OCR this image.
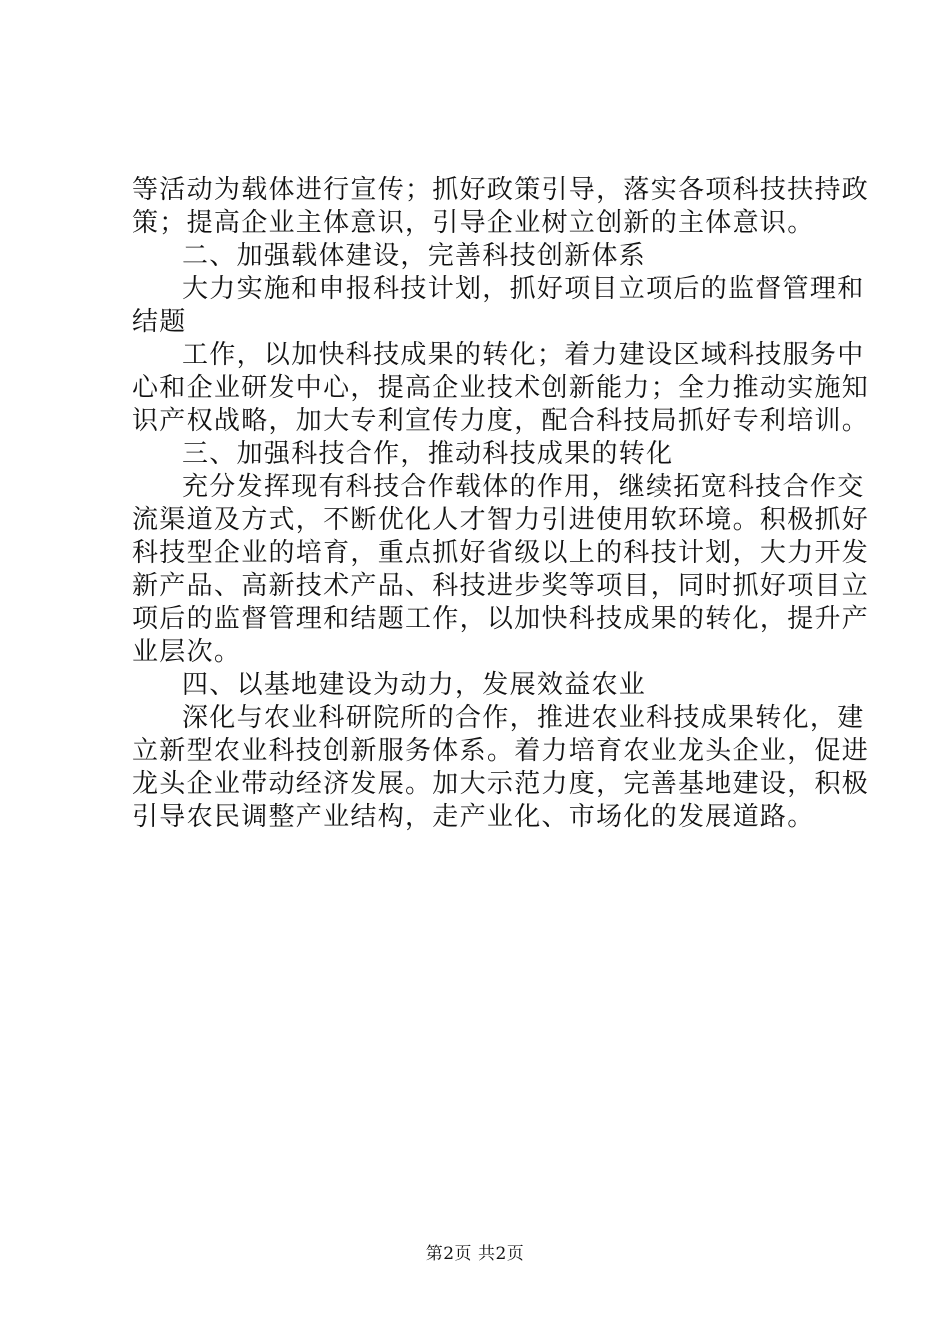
等活动为载体进行宣传；抓好政策引导，落实各项科技扶持政
策；提高企业主体意识，引导企业树立创新的主体意识。
二、加强载体建设，完善科技创新体系
大力实施和申报科技计划，抓好项目立项后的监督管理和
结题
工作，以加快科技成果的转化；着力建设区域科技服务中
心和企业研发中心，提高企业技术创新能力；全力推动实施知
识产权战略，加大专利宣传力度，配合科技局抓好专利培训。
三、加强科技合作，推动科技成果的转化
充分发挥现有科技合作载体的作用，继续拓宽科技合作交
流渠道及方式，不断优化人才智力引进使用软环境。积极抓好
科技型企业的培育，重点抓好省级以上的科技计划，大力开发
新产品、高新技术产品、科技进步奖等项目，同时抓好项目立
项后的监督管理和结题工作，以加快科技成果的转化，提升产
业层次。
四、以基地建设为动力，发展效益农业
深化与农业科研院所的合作，推进农业科技成果转化，建
立新型农业科技创新服务体系。着力培育农业龙头企业，促进
龙头企业带动经济发展。加大示范力度，完善基地建设，积极
引导农民调整产业结构，走产业化、市场化的发展道路。
第2页 共2页
